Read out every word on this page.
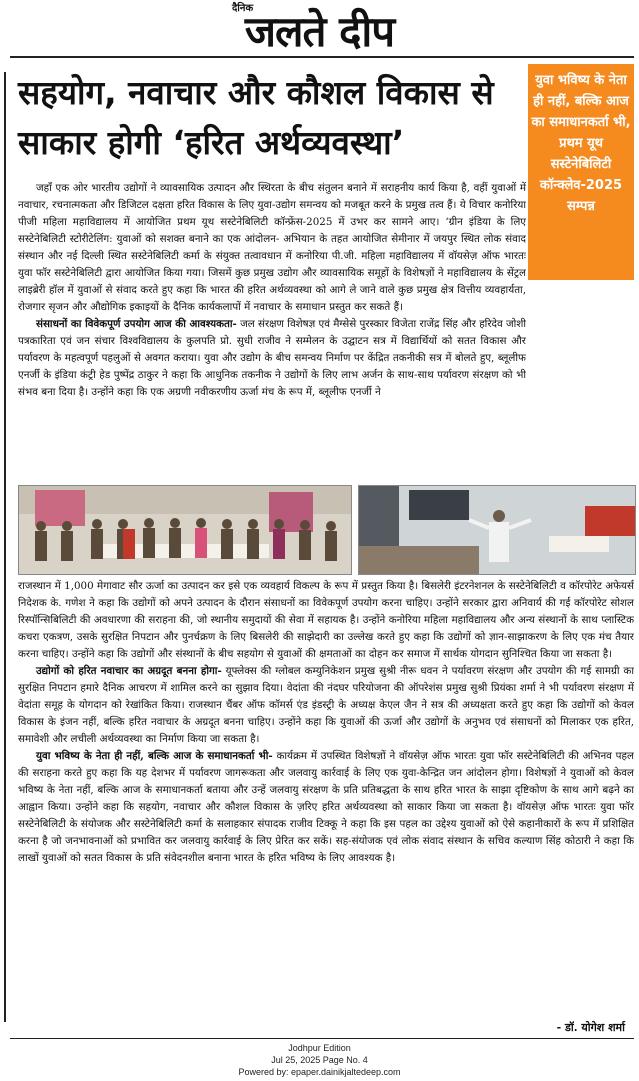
दैनिक
जलते दीप
सहयोग, नवाचार और कौशल विकास से साकार होगी ‘हरित अर्थव्यवस्था’
युवा भविष्य के नेता ही नहीं, बल्कि आज का समाधानकर्ता भी, प्रथम यूथ सस्टेनेबिलिटी कॉन्क्लेव-2025 सम्पन्न

जहाँ एक ओर भारतीय उद्योगों ने व्यावसायिक उत्पादन और स्थिरता के बीच संतुलन बनाने में सराहनीय कार्य किया है, वहीं युवाओं में नवाचार, रचनात्मकता और डिजिटल दक्षता हरित विकास के लिए युवा-उद्योग समन्वय को मजबूत करने के प्रमुख तत्व हैं। ये विचार कनोरिया पीजी महिला महाविद्यालय में आयोजित प्रथम यूथ सस्टेनेबिलिटी कॉन्फ्रेंस-2025 में उभर कर सामने आए। ‘ग्रीन इंडिया के लिए सस्टेनेबिलिटी स्टोरीटेलिंग: युवाओं को सशक्त बनाने का एक आंदोलन- अभियान के तहत आयोजित सेमीनार में जयपुर स्थित लोक संवाद संस्थान और नई दिल्ली स्थित सस्टेनेबिलिटी कर्मा के संयुक्त तत्वावधान में कनोरिया पी.जी. महिला महाविद्यालय में वॉयसेज़ ऑफ भारतः युवा फॉर सस्टेनेबिलिटी द्वारा आयोजित किया गया। जिसमें कुछ प्रमुख उद्योग और व्यावसायिक समूहों के विशेषज्ञों ने महाविद्यालय के सेंट्रल लाइब्रेरी हॉल में युवाओं से संवाद करते हुए कहा कि भारत की हरित अर्थव्यवस्था को आगे ले जाने वाले कुछ प्रमुख क्षेत्र वित्तीय व्यवहार्यता, रोजगार सृजन और औद्योगिक इकाइयों के दैनिक कार्यकलापों में नवाचार के समाधान प्रस्तुत कर सकते हैं।

संसाधनों का विवेकपूर्ण उपयोग आज की आवश्यकता- जल संरक्षण विशेषज्ञ एवं मैग्सेसे पुरस्कार विजेता राजेंद्र सिंह और हरिदेव जोशी पत्रकारिता एवं जन संचार विश्वविद्यालय के कुलपति प्रो. सुधी राजीव ने सम्मेलन के उद्घाटन सत्र में विद्यार्थियों को सतत विकास और पर्यावरण के महत्वपूर्ण पहलुओं से अवगत कराया। युवा और उद्योग के बीच समन्वय निर्माण पर केंद्रित तकनीकी सत्र में बोलते हुए, ब्लूलीफ एनर्जी के इंडिया कंट्री हेड पुष्पेंद्र ठाकुर ने कहा कि आधुनिक तकनीक ने उद्योगों के लिए लाभ अर्जन के साथ-साथ पर्यावरण संरक्षण को भी संभव बना दिया है। उन्होंने कहा कि एक अग्रणी नवीकरणीय ऊर्जा मंच के रूप में, ब्लूलीफ एनर्जी ने

राजस्थान में 1,000 मेगावाट सौर ऊर्जा का उत्पादन कर इसे एक व्यवहार्य विकल्प के रूप में प्रस्तुत किया है। बिसलेरी इंटरनेशनल के सस्टेनेबिलिटी व कॉरपोरेट अफेयर्स निदेशक के. गणेश ने कहा कि उद्योगों को अपने उत्पादन के दौरान संसाधनों का विवेकपूर्ण उपयोग करना चाहिए। उन्होंने सरकार द्वारा अनिवार्य की गई कॉरपोरेट सोशल रिस्पॉन्सिबिलिटी की अवधारणा की सराहना की, जो स्थानीय समुदायों की सेवा में सहायक है। उन्होंने कनोरिया महिला महाविद्यालय और अन्य संस्थानों के साथ प्लास्टिक कचरा एकत्रण, उसके सुरक्षित निपटान और पुनर्चक्रण के लिए बिसलेरी की साझेदारी का उल्लेख करते हुए कहा कि उद्योगों को ज्ञान-साझाकरण के लिए एक मंच तैयार करना चाहिए। उन्होंने कहा कि उद्योगों और संस्थानों के बीच सहयोग से युवाओं की क्षमताओं का दोहन कर समाज में सार्थक योगदान सुनिश्चित किया जा सकता है।

उद्योगों को हरित नवाचार का अग्रदूत बनना होगा- यूफ्लेक्स की ग्लोबल कम्युनिकेशन प्रमुख सुश्री नीरू धवन ने पर्यावरण संरक्षण और उपयोग की गई सामग्री का सुरक्षित निपटान हमारे दैनिक आचरण में शामिल करने का सुझाव दिया। वेदांता की नंदघर परियोजना की ऑपरेशंस प्रमुख सुश्री प्रियंका शर्मा ने भी पर्यावरण संरक्षण में वेदांता समूह के योगदान को रेखांकित किया। राजस्थान चैंबर ऑफ कॉमर्स एंड इंडस्ट्री के अध्यक्ष केएल जैन ने सत्र की अध्यक्षता करते हुए कहा कि उद्योगों को केवल विकास के इंजन नहीं, बल्कि हरित नवाचार के अग्रदूत बनना चाहिए। उन्होंने कहा कि युवाओं की ऊर्जा और उद्योगों के अनुभव एवं संसाधनों को मिलाकर एक हरित, समावेशी और लचीली अर्थव्यवस्था का निर्माण किया जा सकता है।

युवा भविष्य के नेता ही नहीं, बल्कि आज के समाधानकर्ता भी- कार्यक्रम में उपस्थित विशेषज्ञों ने वॉयसेज़ ऑफ भारतः युवा फॉर सस्टेनेबिलिटी की अभिनव पहल की सराहना करते हुए कहा कि यह देशभर में पर्यावरण जागरूकता और जलवायु कार्रवाई के लिए एक युवा-केन्द्रित जन आंदोलन होगा। विशेषज्ञों ने युवाओं को केवल भविष्य के नेता नहीं, बल्कि आज के समाधानकर्ता बताया और उन्हें जलवायु संरक्षण के प्रति प्रतिबद्धता के साथ हरित भारत के साझा दृष्टिकोण के साथ आगे बढ़ने का आह्वान किया। उन्होंने कहा कि सहयोग, नवाचार और कौशल विकास के ज़रिए हरित अर्थव्यवस्था को साकार किया जा सकता है। वॉयसेज़ ऑफ भारतः युवा फॉर सस्टेनेबिलिटी के संयोजक और सस्टेनेबिलिटी कर्मा के सलाहकार संपादक राजीव टिक्कू ने कहा कि इस पहल का उद्देश्य युवाओं को ऐसे कहानीकारों के रूप में प्रशिक्षित करना है जो जनभावनाओं को प्रभावित कर जलवायु कार्रवाई के लिए प्रेरित कर सकें। सह-संयोजक एवं लोक संवाद संस्थान के सचिव कल्याण सिंह कोठारी ने कहा कि लाखों युवाओं को सतत विकास के प्रति संवेदनशील बनाना भारत के हरित भविष्य के लिए आवश्यक है।

- डॉ. योगेश शर्मा
Jodhpur Edition
Jul 25, 2025 Page No. 4
Powered by: epaper.dainikjaltedeep.com
